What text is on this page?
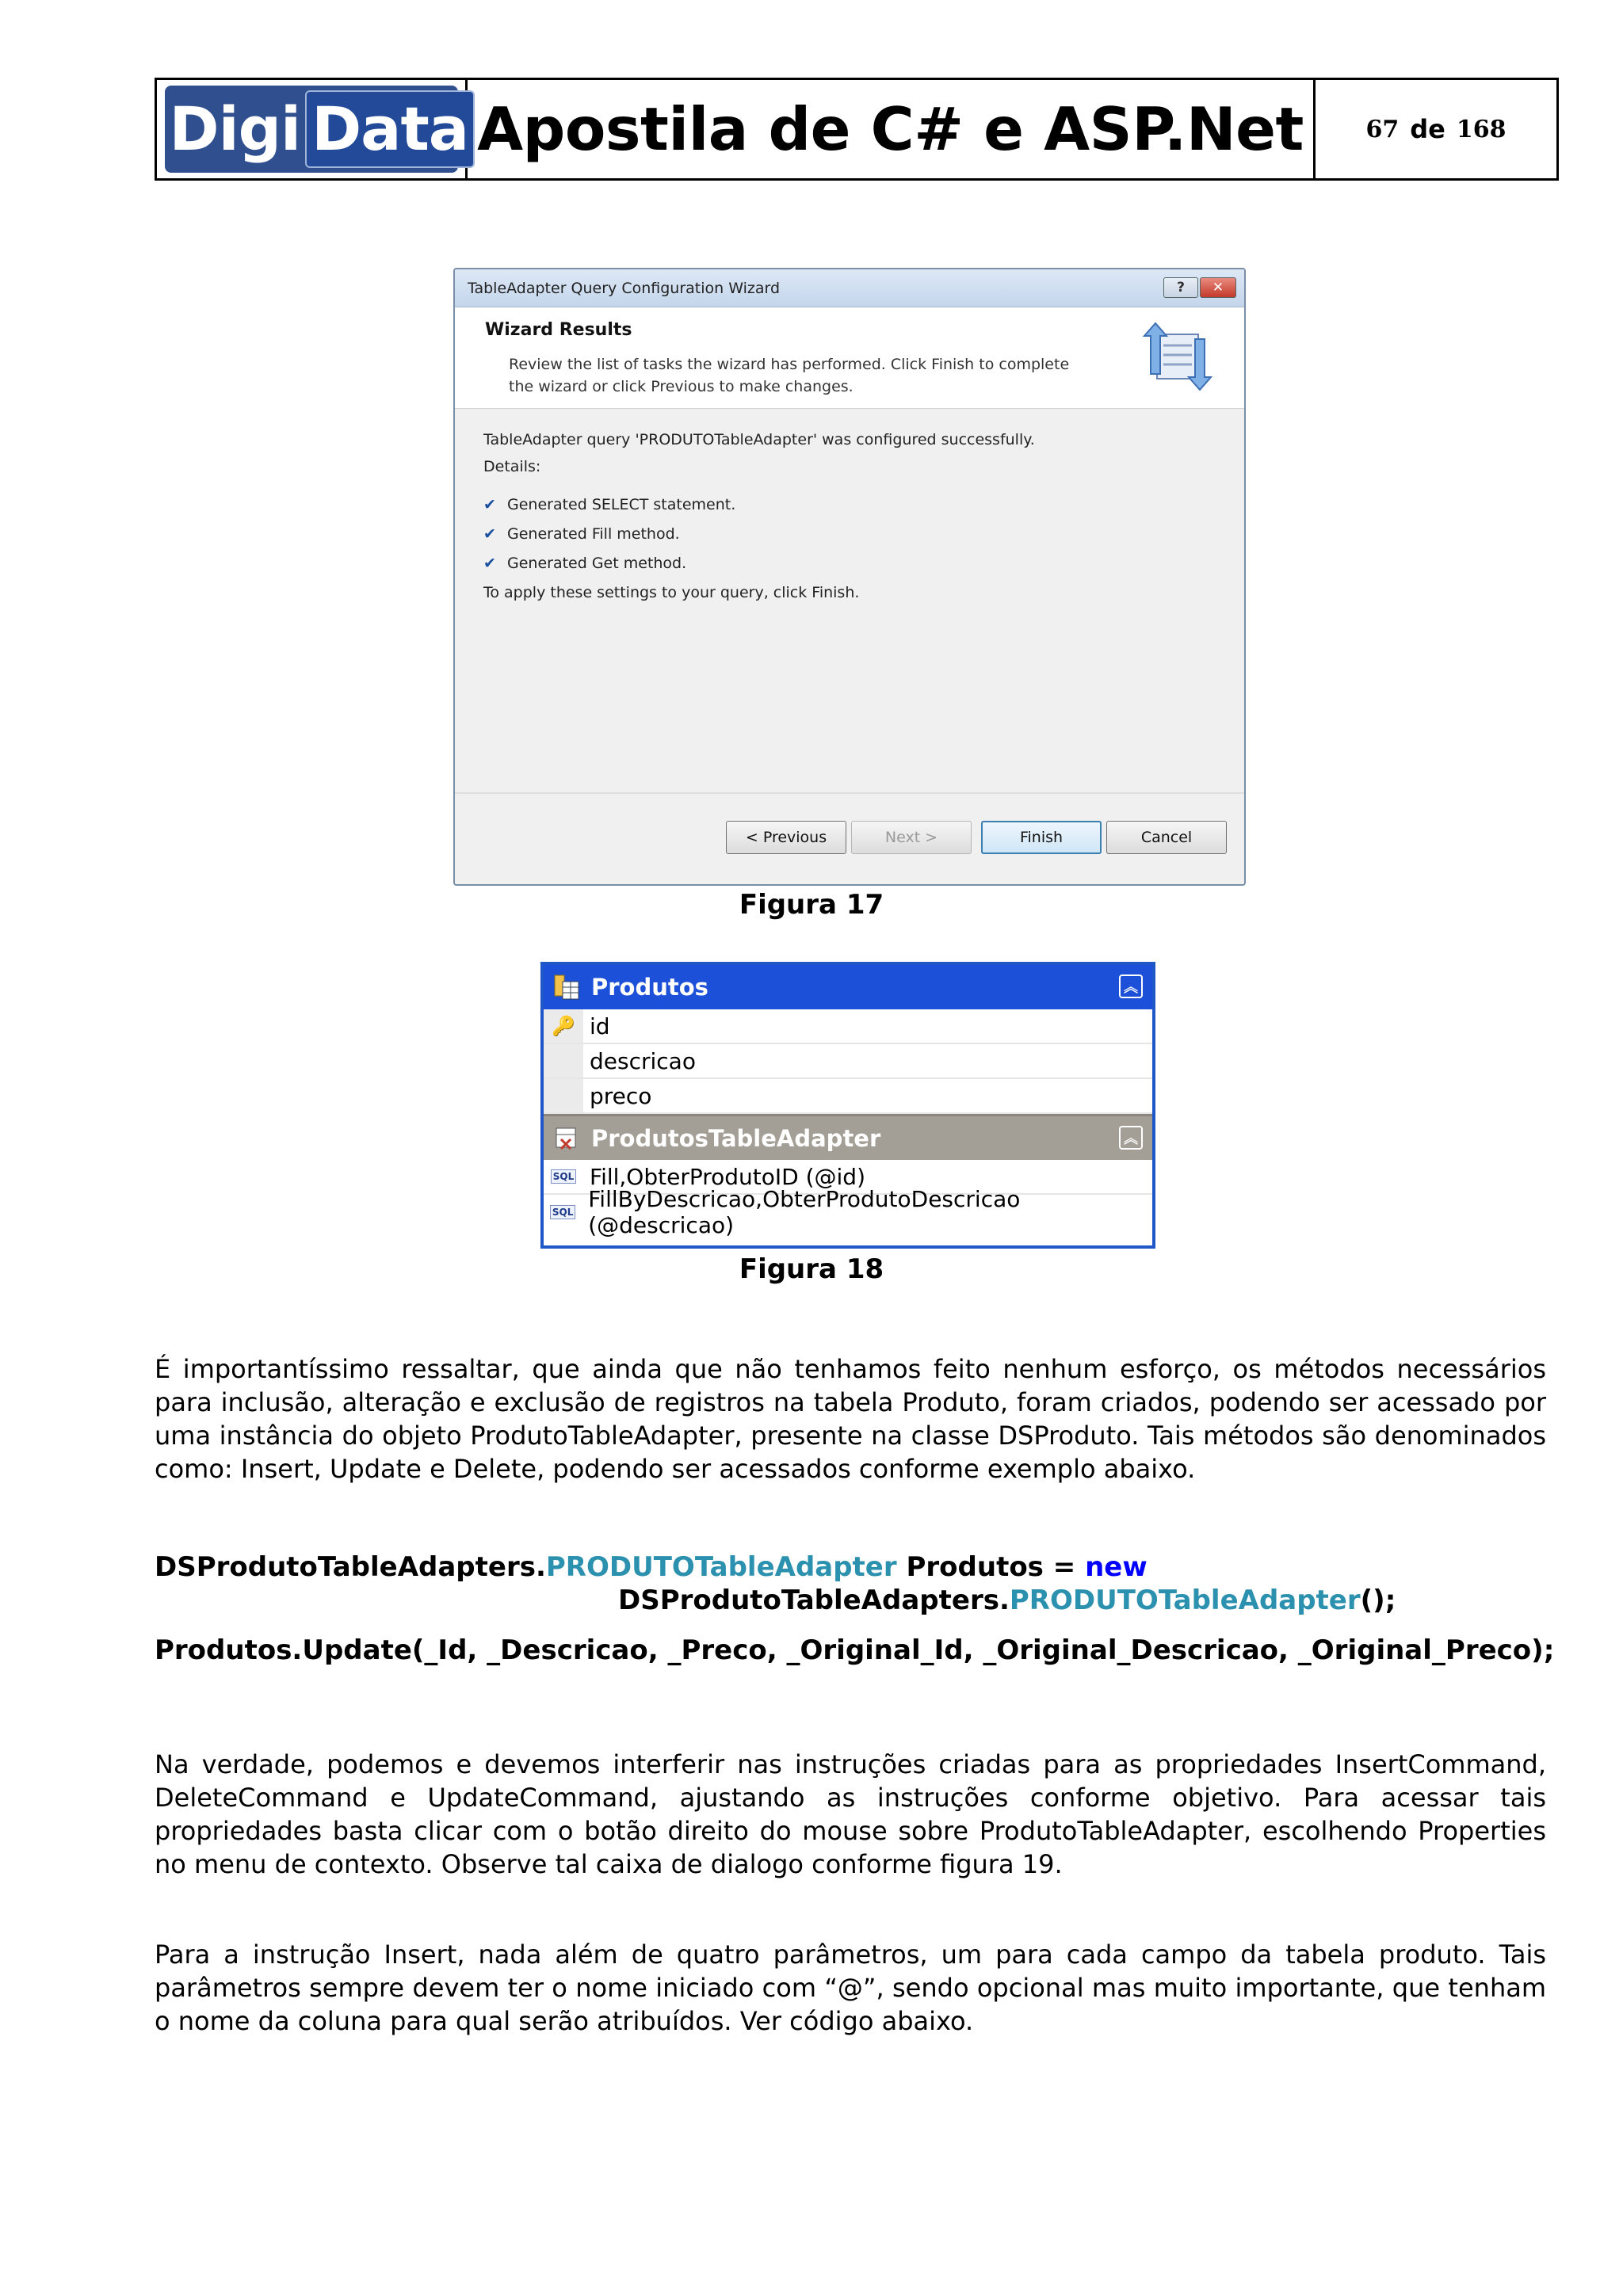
Digi Data Apostila de C# e ASP.Net	67 de 168
TableAdapter Query Configuration Wizard	?	✕
Wizard Results
Review the list of tasks the wizard has performed. Click Finish to complete the wizard or click Previous to make changes.
TableAdapter query 'PRODUTOTableAdapter' was configured successfully.
Details:
✔ Generated SELECT statement.
✔ Generated Fill method.
✔ Generated Get method.
To apply these settings to your query, click Finish.
< Previous	Next >	Finish	Cancel
Figura 17
Produtos	︽
🔑 id
descricao
preco
ProdutosTableAdapter	︽
SQL Fill,ObterProdutoID (@id)
SQL FillByDescricao,ObterProdutoDescricao (@descricao)
Figura 18

É importantíssimo ressaltar, que ainda que não tenhamos feito nenhum esforço, os métodos necessários para inclusão, alteração e exclusão de registros na tabela Produto, foram criados, podendo ser acessado por uma instância do objeto ProdutoTableAdapter, presente na classe DSProduto. Tais métodos são denominados como: Insert, Update e Delete, podendo ser acessados conforme exemplo abaixo.

DSProdutoTableAdapters.PRODUTOTableAdapter Produtos = new
DSProdutoTableAdapters.PRODUTOTableAdapter();
Produtos.Update(_Id, _Descricao, _Preco, _Original_Id, _Original_Descricao, _Original_Preco);

Na verdade, podemos e devemos interferir nas instruções criadas para as propriedades InsertCommand, DeleteCommand e UpdateCommand, ajustando as instruções conforme objetivo. Para acessar tais propriedades basta clicar com o botão direito do mouse sobre ProdutoTableAdapter, escolhendo Properties no menu de contexto. Observe tal caixa de dialogo conforme figura 19.

Para a instrução Insert, nada além de quatro parâmetros, um para cada campo da tabela produto. Tais parâmetros sempre devem ter o nome iniciado com “@”, sendo opcional mas muito importante, que tenham o nome da coluna para qual serão atribuídos. Ver código abaixo.
